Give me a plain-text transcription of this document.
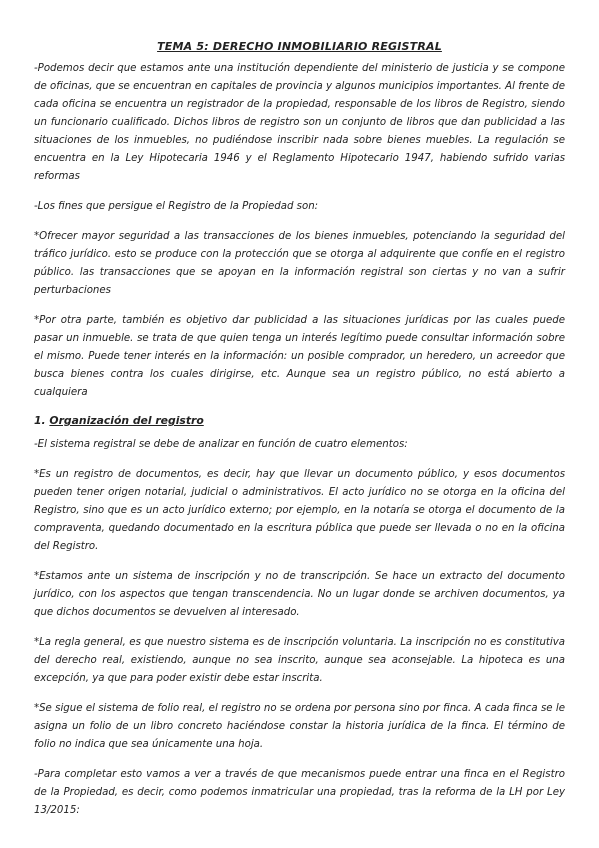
TEMA 5: DERECHO INMOBILIARIO REGISTRAL

-Podemos decir que estamos ante una institución dependiente del ministerio de justicia y se compone de oficinas, que se encuentran en capitales de provincia y algunos municipios importantes. Al frente de cada oficina se encuentra un registrador de la propiedad, responsable de los libros de Registro, siendo un funcionario cualificado. Dichos libros de registro son un conjunto de libros que dan publicidad a las situaciones de los inmuebles, no pudiéndose inscribir nada sobre bienes muebles. La regulación se encuentra en la Ley Hipotecaria 1946 y el Reglamento Hipotecario 1947, habiendo sufrido varias reformas

-Los fines que persigue el Registro de la Propiedad son:

*Ofrecer mayor seguridad a las transacciones de los bienes inmuebles, potenciando la seguridad del tráfico jurídico. esto se produce con la protección que se otorga al adquirente que confíe en el registro público. las transacciones que se apoyan en la información registral son ciertas y no van a sufrir perturbaciones

*Por otra parte, también es objetivo dar publicidad a las situaciones jurídicas por las cuales puede pasar un inmueble. se trata de que quien tenga un interés legítimo puede consultar información sobre el mismo. Puede tener interés en la información: un posible comprador, un heredero, un acreedor que busca bienes contra los cuales dirigirse, etc. Aunque sea un registro público, no está abierto a cualquiera

1. Organización del registro

-El sistema registral se debe de analizar en función de cuatro elementos:

*Es un registro de documentos, es decir, hay que llevar un documento público, y esos documentos pueden tener origen notarial, judicial o administrativos. El acto jurídico no se otorga en la oficina del Registro, sino que es un acto jurídico externo; por ejemplo, en la notaría se otorga el documento de la compraventa, quedando documentado en la escritura pública que puede ser llevada o no en la oficina del Registro.

*Estamos ante un sistema de inscripción y no de transcripción. Se hace un extracto del documento jurídico, con los aspectos que tengan transcendencia. No un lugar donde se archiven documentos, ya que dichos documentos se devuelven al interesado.

*La regla general, es que nuestro sistema es de inscripción voluntaria. La inscripción no es constitutiva del derecho real, existiendo, aunque no sea inscrito, aunque sea aconsejable. La hipoteca es una excepción, ya que para poder existir debe estar inscrita.

*Se sigue el sistema de folio real, el registro no se ordena por persona sino por finca. A cada finca se le asigna un folio de un libro concreto haciéndose constar la historia jurídica de la finca. El término de folio no indica que sea únicamente una hoja.

-Para completar esto vamos a ver a través de que mecanismos puede entrar una finca en el Registro de la Propiedad, es decir, como podemos inmatricular una propiedad, tras la reforma de la LH por Ley 13/2015:
